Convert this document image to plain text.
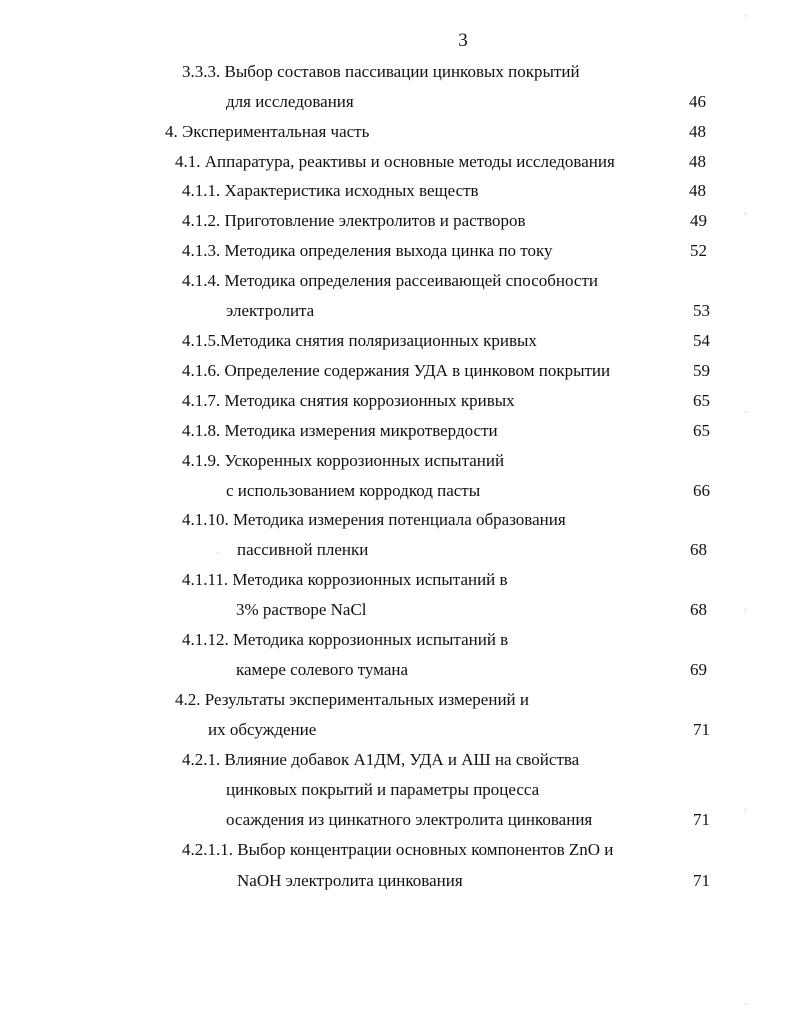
3
3.3.3. Выбор составов пассивации цинковых покрытий
для исследования	46
4. Экспериментальная часть	48
4.1. Аппаратура, реактивы и основные методы исследования	48
4.1.1. Характеристика исходных веществ	48
4.1.2. Приготовление электролитов и растворов	49
4.1.3. Методика определения выхода цинка по току	52
4.1.4. Методика определения рассеивающей способности
электролита	53
4.1.5.Методика снятия поляризационных кривых	54
4.1.6. Определение содержания УДА в цинковом покрытии	59
4.1.7. Методика снятия коррозионных кривых	65
4.1.8. Методика измерения микротвердости	65
4.1.9. Ускоренных коррозионных испытаний
с использованием корродкод пасты	66
4.1.10. Методика измерения потенциала образования
пассивной пленки	68
4.1.11. Методика коррозионных испытаний в
3% растворе NaCl	68
4.1.12. Методика коррозионных испытаний в
камере солевого тумана	69
4.2. Результаты экспериментальных измерений и
их обсуждение	71
4.2.1. Влияние добавок А1ДМ, УДА и АШ на свойства
цинковых покрытий и параметры процесса
осаждения из цинкатного электролита цинкования	71
4.2.1.1. Выбор концентрации основных компонентов ZnO и
NaOH электролита цинкования	71
·
·
·
·
·
·
·
